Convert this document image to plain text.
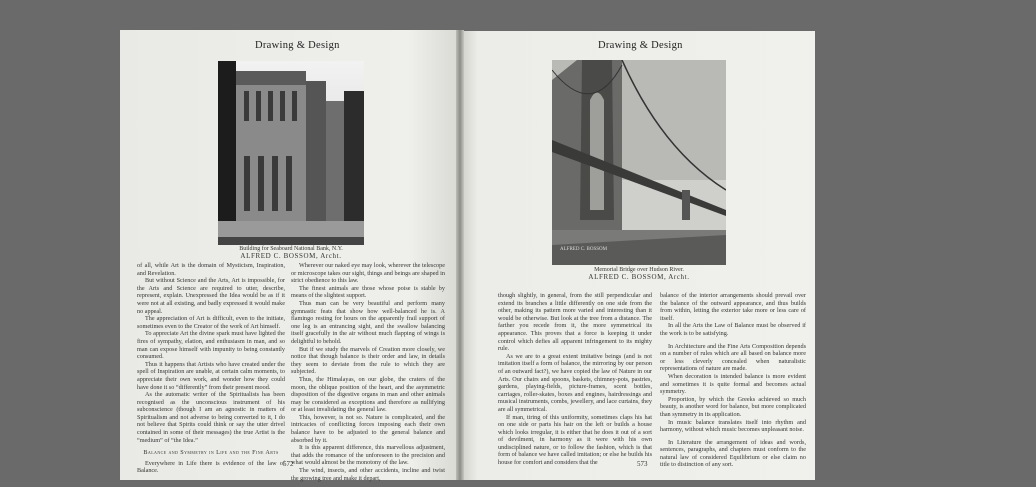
Drawing & Design	Drawing & Design
Building for Seaboard National Bank, N.Y.
ALFRED C. BOSSOM, Archt.
ALFRED C. BOSSOM
Memorial Bridge over Hudson River.
ALFRED C. BOSSOM, Archt.

of all, while Art is the domain of Mysticism, Inspiration, and Revelation.

But without Science and the Arts, Art is impossible, for the Arts and Science are required to utter, describe, represent, explain. Unexpressed the Idea would be as if it were not at all existing, and badly expressed it would make no appeal.

The appreciation of Art is difficult, even to the initiate, sometimes even to the Creator of the work of Art himself.

To appreciate Art the divine spark must have lighted the fires of sympathy, elation, and enthusiasm in man, and so man can expose himself with impunity to being constantly consumed.

Thus it happens that Artists who have created under the spell of Inspiration are unable, at certain calm moments, to appreciate their own work, and wonder how they could have done it so “differently” from their present mood.

As the automatic writer of the Spiritualists has been recognised as the unconscious instrument of his subconscience (though I am an agnostic in matters of Spiritualism and not adverse to being converted to it, I do not believe that Spirits could think or say the utter drivel contained in some of their messages) the true Artist is the “medium” of “the Idea.”

Balance and Symmetry in Life and the Fine Arts

Everywhere in Life there is evidence of the law of Balance.

Wherever our naked eye may look, wherever the telescope or microscope takes our sight, things and beings are shaped in strict obedience to this law.

The finest animals are those whose poise is stable by means of the slightest support.

Thus man can be very beautiful and perform many gymnastic feats that show how well-balanced he is. A flamingo resting for hours on the apparently frail support of one leg is an entrancing sight, and the swallow balancing itself gracefully in the air without much flapping of wings is delightful to behold.

But if we study the marvels of Creation more closely, we notice that though balance is their order and law, in details they seem to deviate from the rule to which they are subjected.

Thus, the Himalayas, on our globe, the craters of the moon, the oblique position of the heart, and the asymmetric disposition of the digestive organs in man and other animals may be considered as exceptions and therefore as nullifying or at least invalidating the general law.

This, however, is not so. Nature is complicated, and the intricacies of conflicting forces imposing each their own balance have to be adjusted to the general balance and absorbed by it.

It is this apparent difference, this marvellous adjustment, that adds the romance of the unforeseen to the precision and what would almost be the monotony of the law.

The wind, insects, and other accidents, incline and twist the growing tree and make it depart,

572

though slightly, in general, from the still perpendicular and extend its branches a little differently on one side from the other, making its pattern more varied and interesting than it would be otherwise. But look at the tree from a distance. The farther you recede from it, the more symmetrical its appearance. This proves that a force is keeping it under control which defies all apparent infringement to its mighty rule.

As we are to a great extent imitative beings (and is not imitation itself a form of balance, the mirroring by our person of an outward fact?), we have copied the law of Nature in our Arts. Our chairs and spoons, baskets, chimney-pots, pastries, gardens, playing-fields, picture-frames, scent bottles, carriages, roller-skates, boxes and engines, hairdressings and musical instruments, combs, jewellery, and lace curtains, they are all symmetrical.

If man, tiring of this uniformity, sometimes claps his hat on one side or parts his hair on the left or builds a house which looks irregular, it is either that he does it out of a sort of devilment, in harmony as it were with his own undisciplined nature, or to follow the fashion, which is that form of balance we have called imitation; or else he builds his house for comfort and considers that the

balance of the interior arrangements should prevail over the balance of the outward appearance, and thus builds from within, letting the exterior take more or less care of itself.

In all the Arts the Law of Balance must be observed if the work is to be satisfying.

In Architecture and the Fine Arts Composition depends on a number of rules which are all based on balance more or less cleverly concealed when naturalistic representations of nature are made.

When decoration is intended balance is more evident and sometimes it is quite formal and becomes actual symmetry.

Proportion, by which the Greeks achieved so much beauty, is another word for balance, but more complicated than symmetry in its application.

In music balance translates itself into rhythm and harmony, without which music becomes unpleasant noise.

In Literature the arrangement of ideas and words, sentences, paragraphs, and chapters must conform to the natural law of considered Equilibrium or else claim no title to distinction of any sort.

573
